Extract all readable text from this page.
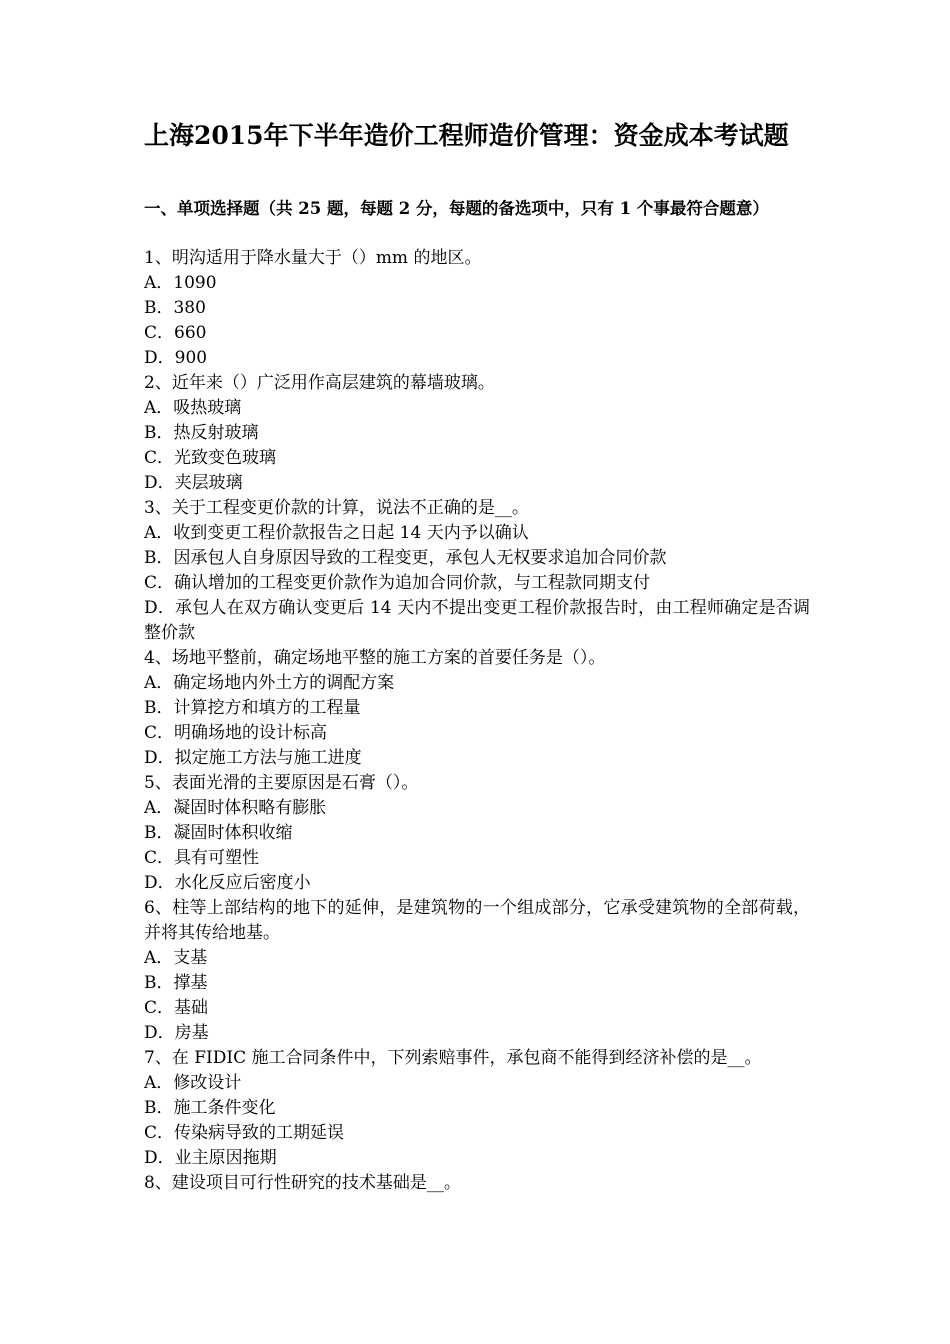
上海2015年下半年造价工程师造价管理：资金成本考试题
一、单项选择题（共 25 题，每题 2 分，每题的备选项中，只有 1 个事最符合题意）
1、明沟适用于降水量大于（）mm 的地区。
A．1090
B．380
C．660
D．900
2、近年来（）广泛用作高层建筑的幕墙玻璃。
A．吸热玻璃
B．热反射玻璃
C．光致变色玻璃
D．夹层玻璃
3、关于工程变更价款的计算，说法不正确的是__。
A．收到变更工程价款报告之日起 14 天内予以确认
B．因承包人自身原因导致的工程变更，承包人无权要求追加合同价款
C．确认增加的工程变更价款作为追加合同价款，与工程款同期支付
D．承包人在双方确认变更后 14 天内不提出变更工程价款报告时，由工程师确定是否调整价款
4、场地平整前，确定场地平整的施工方案的首要任务是（）。
A．确定场地内外土方的调配方案
B．计算挖方和填方的工程量
C．明确场地的设计标高
D．拟定施工方法与施工进度
5、表面光滑的主要原因是石膏（）。
A．凝固时体积略有膨胀
B．凝固时体积收缩
C．具有可塑性
D．水化反应后密度小
6、柱等上部结构的地下的延伸，是建筑物的一个组成部分，它承受建筑物的全部荷载，并将其传给地基。
A．支基
B．撑基
C．基础
D．房基
7、在 FIDIC 施工合同条件中，下列索赔事件，承包商不能得到经济补偿的是__。
A．修改设计
B．施工条件变化
C．传染病导致的工期延误
D．业主原因拖期
8、建设项目可行性研究的技术基础是__。
